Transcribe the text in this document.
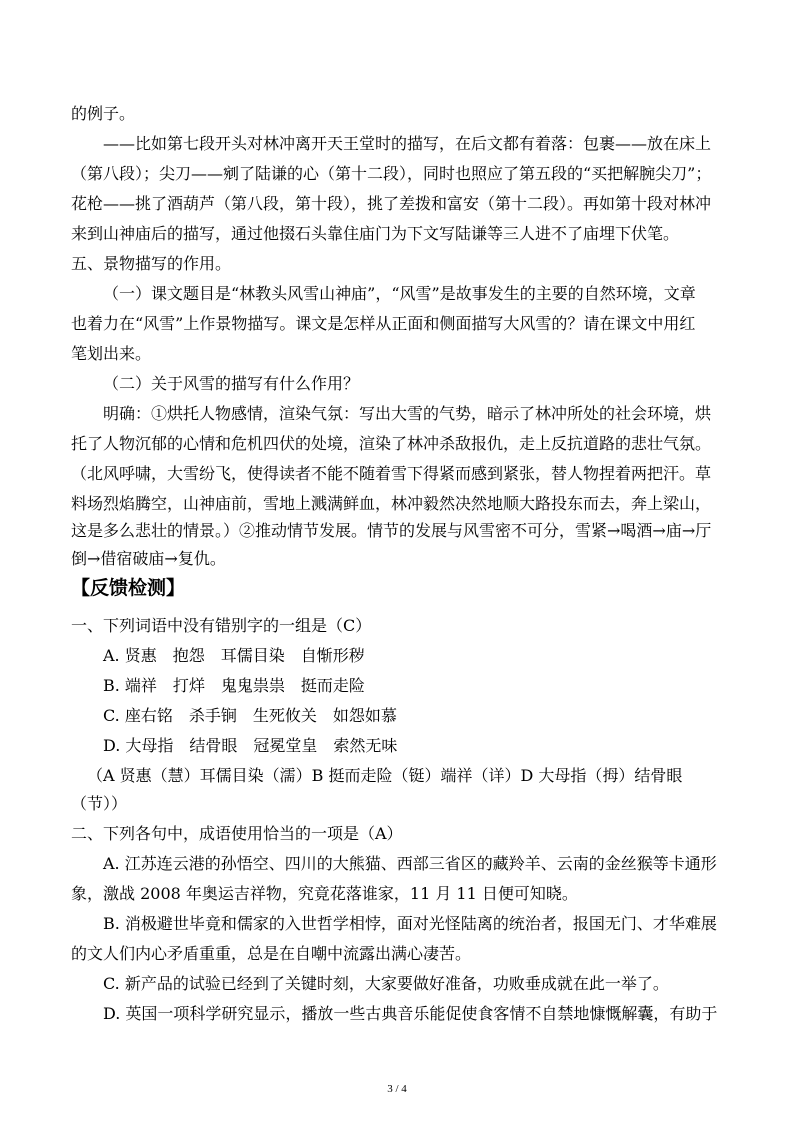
的例子。
——比如第七段开头对林冲离开天王堂时的描写，在后文都有着落：包裹——放在床上
（第八段）；尖刀——剜了陆谦的心（第十二段），同时也照应了第五段的“买把解腕尖刀”；
花枪——挑了酒葫芦（第八段，第十段），挑了差拨和富安（第十二段）。再如第十段对林冲
来到山神庙后的描写，通过他掇石头靠住庙门为下文写陆谦等三人进不了庙埋下伏笔。
五、景物描写的作用。
（一）课文题目是“林教头风雪山神庙”，“风雪”是故事发生的主要的自然环境，文章
也着力在“风雪”上作景物描写。课文是怎样从正面和侧面描写大风雪的？请在课文中用红
笔划出来。
（二）关于风雪的描写有什么作用？
明确：①烘托人物感情，渲染气氛：写出大雪的气势，暗示了林冲所处的社会环境，烘
托了人物沉郁的心情和危机四伏的处境，渲染了林冲杀敌报仇，走上反抗道路的悲壮气氛。
（北风呼啸，大雪纷飞，使得读者不能不随着雪下得紧而感到紧张，替人物捏着两把汗。草
料场烈焰腾空，山神庙前，雪地上溅满鲜血，林冲毅然决然地顺大路投东而去，奔上梁山，
这是多么悲壮的情景。）②推动情节发展。情节的发展与风雪密不可分，雪紧→喝酒→庙→厅
倒→借宿破庙→复仇。
【反馈检测】
一、下列词语中没有错别字的一组是（C）
A. 贤惠　抱怨　耳儒目染　自惭形秽
B. 端祥　打烊　鬼鬼祟祟　挺而走险
C. 座右铭　杀手锏　生死攸关　如怨如慕
D. 大母指　结骨眼　冠冕堂皇　索然无味
（A 贤惠（慧）耳儒目染（濡）B 挺而走险（铤）端祥（详）D 大母指（拇）结骨眼
（节））
二、下列各句中，成语使用恰当的一项是（A）
A. 江苏连云港的孙悟空、四川的大熊猫、西部三省区的藏羚羊、云南的金丝猴等卡通形
象，激战 2008 年奥运吉祥物，究竟花落谁家，11 月 11 日便可知晓。
B. 消极避世毕竟和儒家的入世哲学相悖，面对光怪陆离的统治者，报国无门、才华难展
的文人们内心矛盾重重，总是在自嘲中流露出满心凄苦。
C. 新产品的试验已经到了关键时刻，大家要做好准备，功败垂成就在此一举了。
D. 英国一项科学研究显示，播放一些古典音乐能促使食客情不自禁地慷慨解囊，有助于
3 / 4
